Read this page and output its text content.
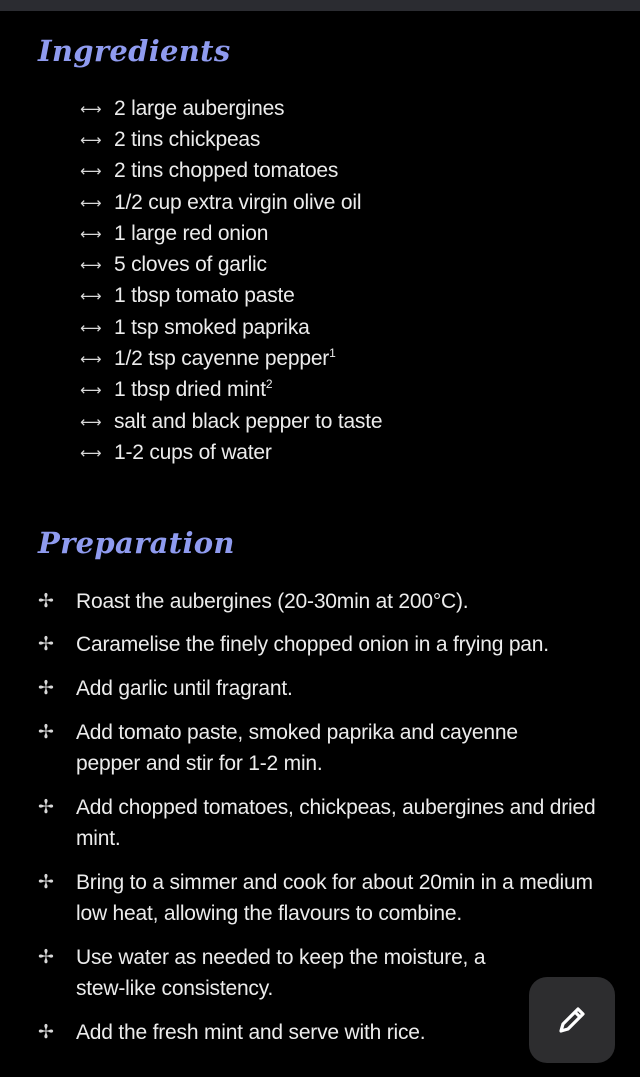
Ingredients
⟷ 2 large aubergines
⟷ 2 tins chickpeas
⟷ 2 tins chopped tomatoes
⟷ 1/2 cup extra virgin olive oil
⟷ 1 large red onion
⟷ 5 cloves of garlic
⟷ 1 tbsp tomato paste
⟷ 1 tsp smoked paprika
⟷ 1/2 tsp cayenne pepper$^1$
⟷ 1 tbsp dried mint$^2$
⟷ salt and black pepper to taste
⟷ 1-2 cups of water
Preparation
✢	Roast the aubergines (20-30min at 200°C).
✢	Caramelise the finely chopped onion in a frying pan.
✢	Add garlic until fragrant.
✢	Add tomato paste, smoked paprika and cayenne pepper and stir for 1-2 min.
✢	Add chopped tomatoes, chickpeas, aubergines and dried mint.
✢	Bring to a simmer and cook for about 20min in a medium low heat, allowing the flavours to combine.
✢	Use water as needed to keep the moisture, a stew-like consistency.
✢	Add the fresh mint and serve with rice.
